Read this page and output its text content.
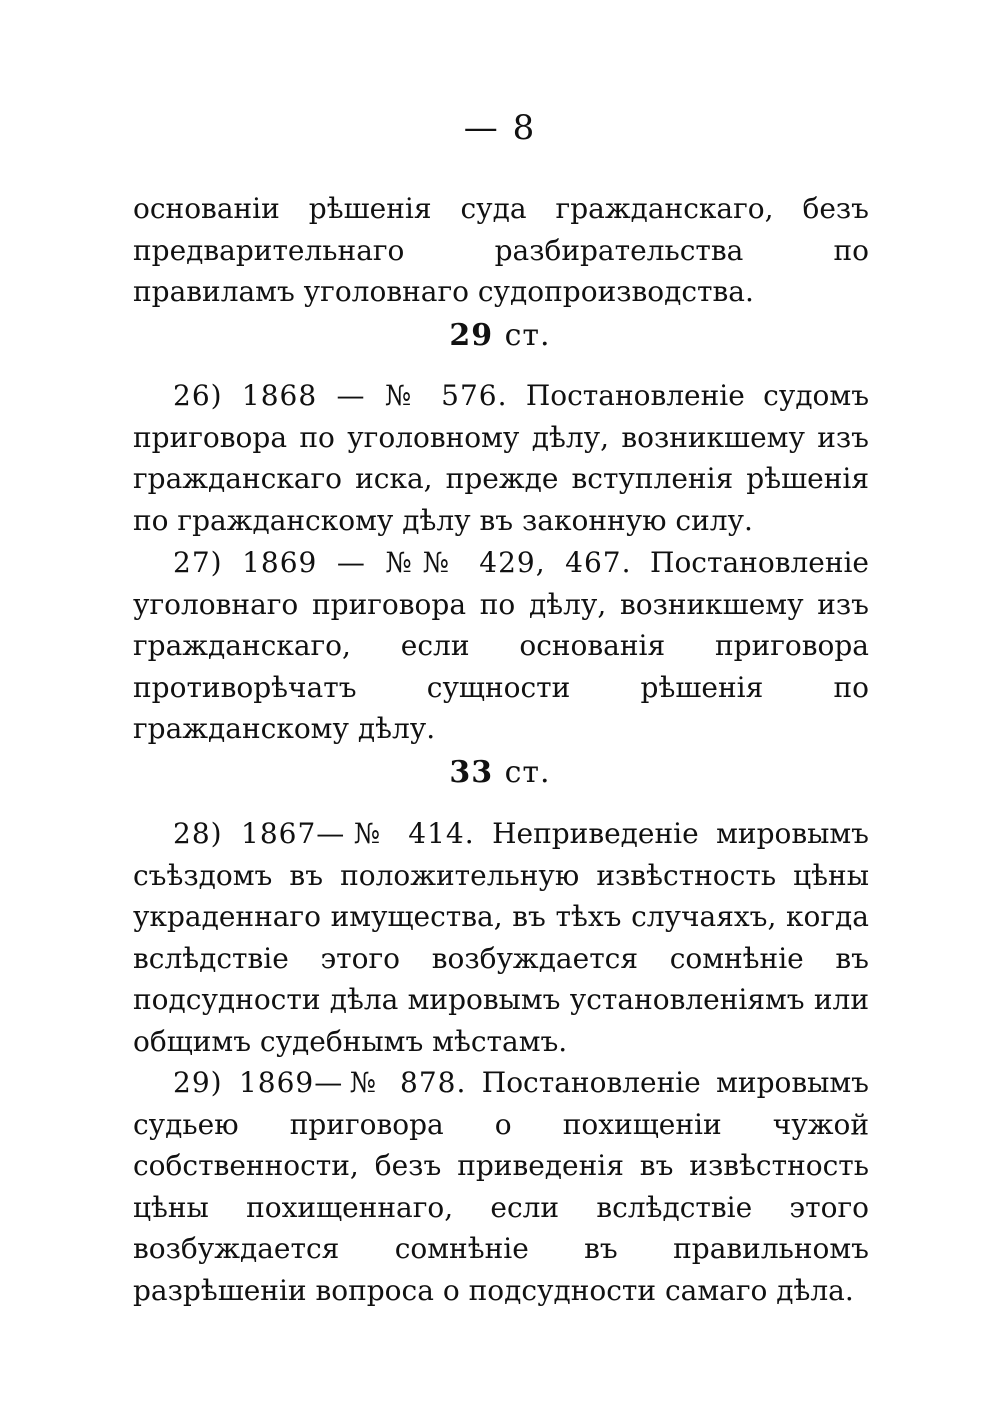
— 8

основаніи рѣшенія суда гражданскаго, безъ предварительнаго разбирательства по правиламъ уголовнаго судопроизводства.

29 ст.

26) 1868 — № 576. Постановленіе судомъ приговора по уголовному дѣлу, возникшему изъ гражданскаго иска, прежде вступленія рѣшенія по гражданскому дѣлу въ законную силу.

27) 1869 — №№ 429, 467. Постановленіе уголовнаго приговора по дѣлу, возникшему изъ гражданскаго, если основанія приговора противорѣчатъ сущности рѣшенія по гражданскому дѣлу.

33 ст.

28) 1867—№ 414. Неприведеніе мировымъ съѣздомъ въ положительную извѣстность цѣны украденнаго имущества, въ тѣхъ случаяхъ, когда вслѣдствіе этого возбуждается сомнѣніе въ подсудности дѣла мировымъ установленіямъ или общимъ судебнымъ мѣстамъ.

29) 1869—№ 878. Постановленіе мировымъ судьею приговора о похищеніи чужой собственности, безъ приведенія въ извѣстность цѣны похищеннаго, если вслѣдствіе этого возбуждается сомнѣніе въ правильномъ разрѣшеніи вопроса о подсудности самаго дѣла.
